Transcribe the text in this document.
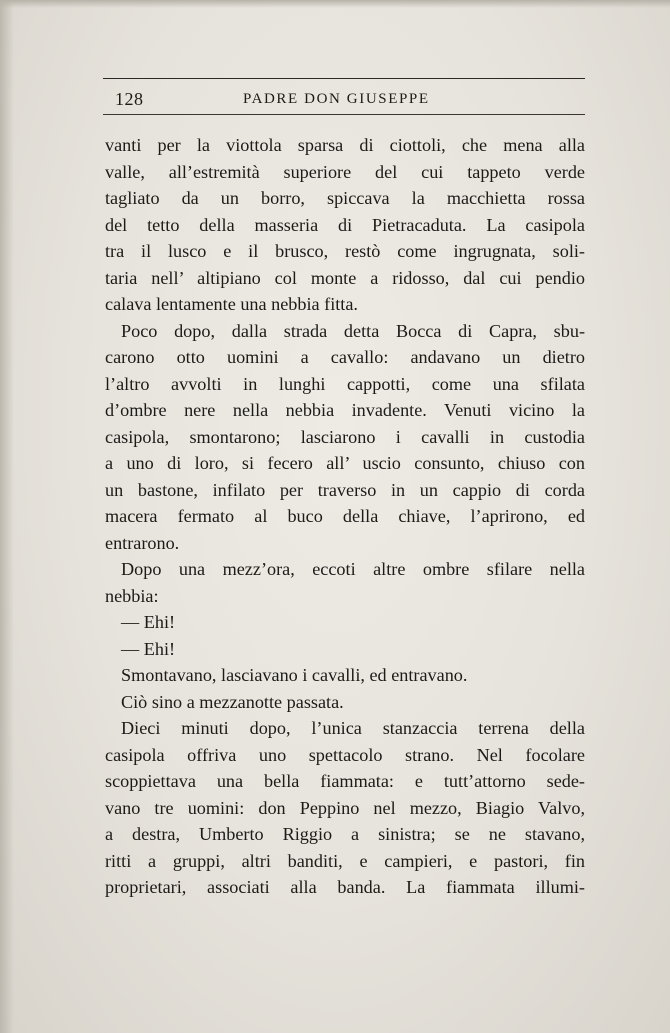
128	PADRE DON GIUSEPPE
vanti per la viottola sparsa di ciottoli, che mena alla
valle, all’estremità superiore del cui tappeto verde
tagliato da un borro, spiccava la macchietta rossa
del tetto della masseria di Pietracaduta. La casipola
tra il lusco e il brusco, restò come ingrugnata, soli-
taria nell’ altipiano col monte a ridosso, dal cui pendio
calava lentamente una nebbia fitta.
Poco dopo, dalla strada detta Bocca di Capra, sbu-
carono otto uomini a cavallo: andavano un dietro
l’altro avvolti in lunghi cappotti, come una sfilata
d’ombre nere nella nebbia invadente. Venuti vicino la
casipola, smontarono; lasciarono i cavalli in custodia
a uno di loro, si fecero all’ uscio consunto, chiuso con
un bastone, infilato per traverso in un cappio di corda
macera fermato al buco della chiave, l’aprirono, ed
entrarono.
Dopo una mezz’ora, eccoti altre ombre sfilare nella
nebbia:
— Ehi!
— Ehi!
Smontavano, lasciavano i cavalli, ed entravano.
Ciò sino a mezzanotte passata.
Dieci minuti dopo, l’unica stanzaccia terrena della
casipola offriva uno spettacolo strano. Nel focolare
scoppiettava una bella fiammata: e tutt’attorno sede-
vano tre uomini: don Peppino nel mezzo, Biagio Valvo,
a destra, Umberto Riggio a sinistra; se ne stavano,
ritti a gruppi, altri banditi, e campieri, e pastori, fin
proprietari, associati alla banda. La fiammata illumi-
